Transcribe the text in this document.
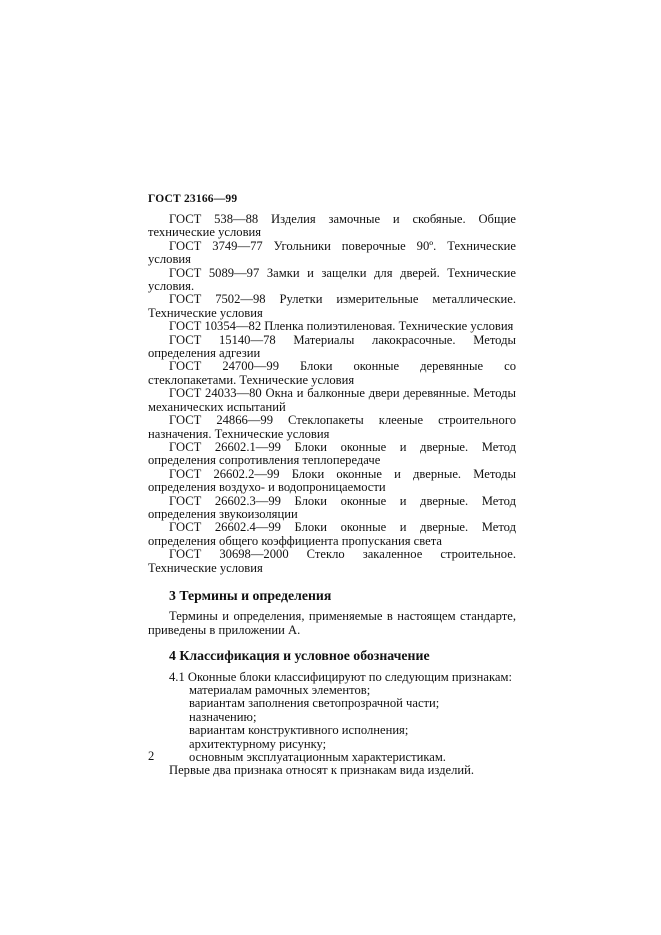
ГОСТ 23166—99

ГОСТ 538—88 Изделия замочные и скобяные. Общие технические условия

ГОСТ 3749—77 Угольники поверочные 90º. Технические условия

ГОСТ 5089—97 Замки и защелки для дверей. Технические условия.

ГОСТ 7502—98 Рулетки измерительные металлические. Технические условия

ГОСТ 10354—82 Пленка полиэтиленовая. Технические условия

ГОСТ 15140—78 Материалы лакокрасочные. Методы определения адгезии

ГОСТ 24700—99 Блоки оконные деревянные со стеклопакетами. Технические условия

ГОСТ 24033—80 Окна и балконные двери деревянные. Методы механических испытаний

ГОСТ 24866—99 Стеклопакеты клееные строительного назначения. Технические условия

ГОСТ 26602.1—99 Блоки оконные и дверные. Метод определения сопротивления теплопередаче

ГОСТ 26602.2—99 Блоки оконные и дверные. Методы определения воздухо- и водопроницаемости

ГОСТ 26602.3—99 Блоки оконные и дверные. Метод определения звукоизоляции

ГОСТ 26602.4—99 Блоки оконные и дверные. Метод определения общего коэффициента пропускания света

ГОСТ 30698—2000 Стекло закаленное строительное. Технические условия

3 Термины и определения

Термины и определения, применяемые в настоящем стандарте, приведены в приложении А.

4 Классификация и условное обозначение

4.1 Оконные блоки классифицируют по следующим признакам:

материалам рамочных элементов;

вариантам заполнения светопрозрачной части;

назначению;

вариантам конструктивного исполнения;

архитектурному рисунку;

основным эксплуатационным характеристикам.

Первые два признака относят к признакам вида изделий.

2
